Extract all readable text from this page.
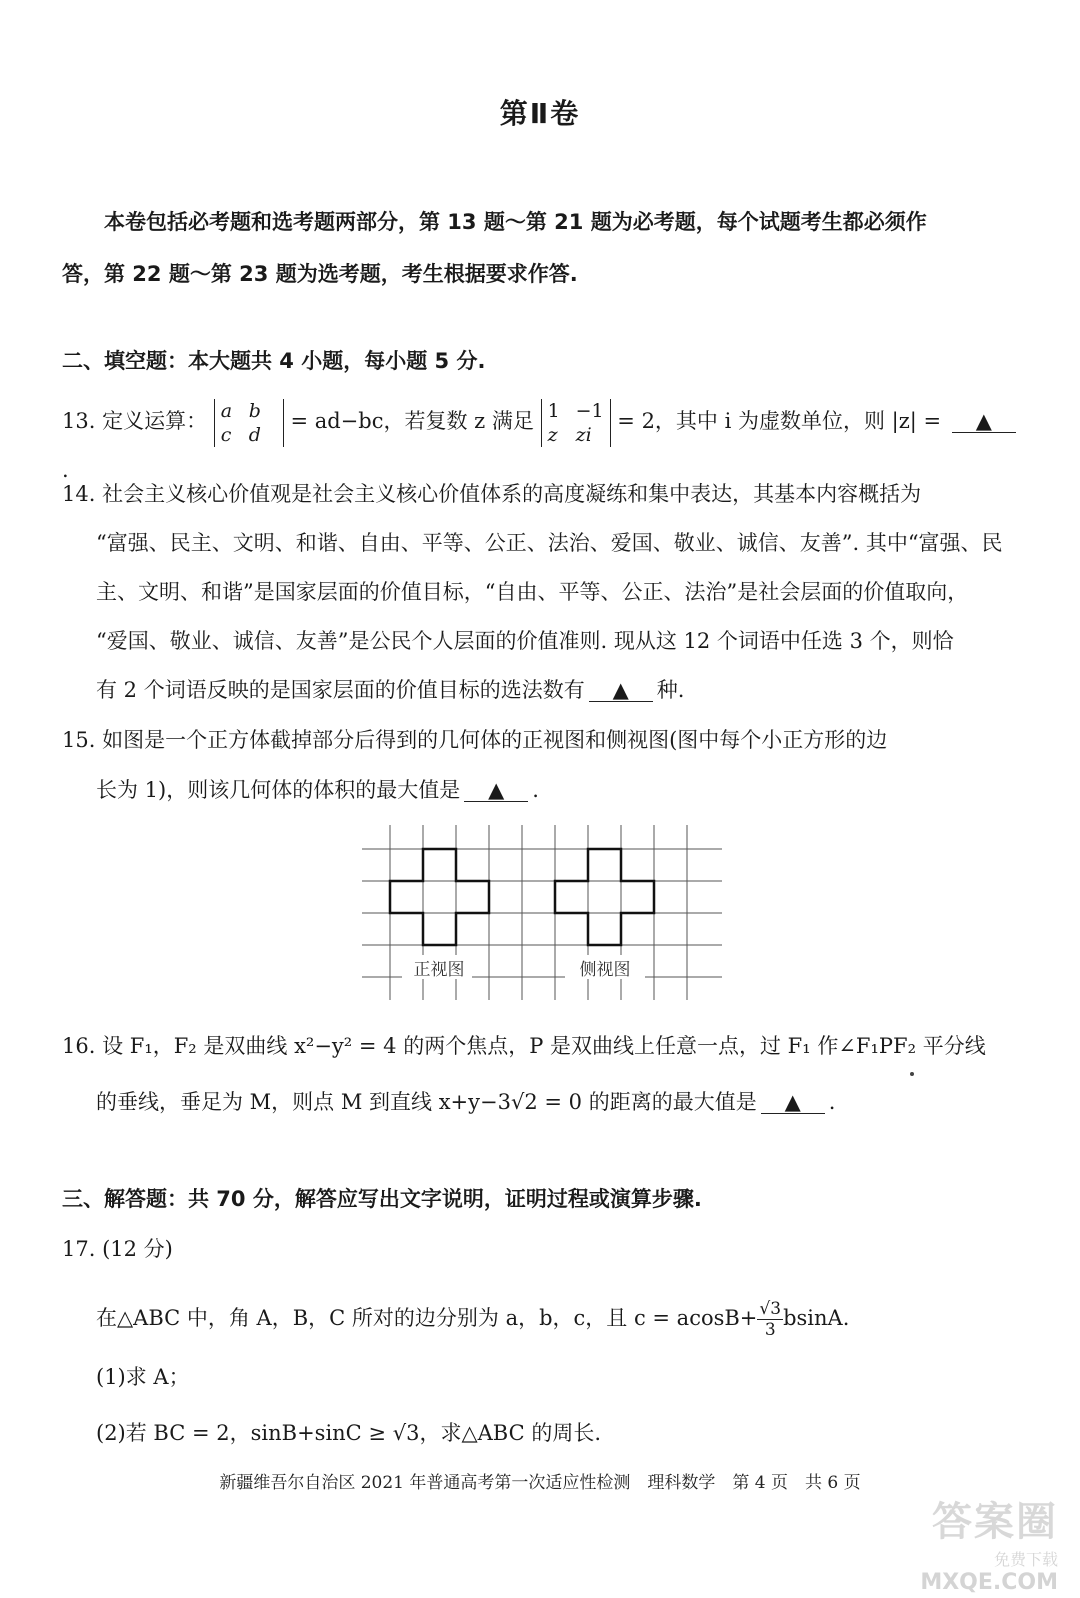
第Ⅱ卷
本卷包括必考题和选考题两部分，第 13 题～第 21 题为必考题，每个试题考生都必须作
答，第 22 题～第 23 题为选考题，考生根据要求作答.
二、填空题：本大题共 4 小题，每小题 5 分.
13. 定义运算： a b
c d
= ad−bc，若复数 z 满足 1 −1
z zi
= 2，其中 i 为虚数单位，则 |z| = ▲.
14. 社会主义核心价值观是社会主义核心价值体系的高度凝练和集中表达，其基本内容概括为
“富强、民主、文明、和谐、自由、平等、公正、法治、爱国、敬业、诚信、友善”. 其中“富强、民
主、文明、和谐”是国家层面的价值目标，“自由、平等、公正、法治”是社会层面的价值取向，
“爱国、敬业、诚信、友善”是公民个人层面的价值准则. 现从这 12 个词语中任选 3 个，则恰
有 2 个词语反映的是国家层面的价值目标的选法数有 ▲ 种.
15. 如图是一个正方体截掉部分后得到的几何体的正视图和侧视图(图中每个小正方形的边
长为 1)，则该几何体的体积的最大值是 ▲ .
正视图	侧视图
16. 设 F₁，F₂ 是双曲线 x²−y² = 4 的两个焦点，P 是双曲线上任意一点，过 F₁ 作∠F₁PF₂ 平分线
的垂线，垂足为 M，则点 M 到直线 x+y−3√2 = 0 的距离的最大值是 ▲ .
三、解答题：共 70 分，解答应写出文字说明，证明过程或演算步骤.
17. (12 分)
在△ABC 中，角 A，B，C 所对的边分别为 a，b，c，且 $c = acosB+ \frac{√3}{3} bsinA$.
(1)求 A；
(2)若 BC = 2，sinB+sinC ≥ √3，求△ABC 的周长.
新疆维吾尔自治区 2021 年普通高考第一次适应性检测　理科数学　第 4 页　共 6 页
答案圈
免费下载
MXQE.COM
